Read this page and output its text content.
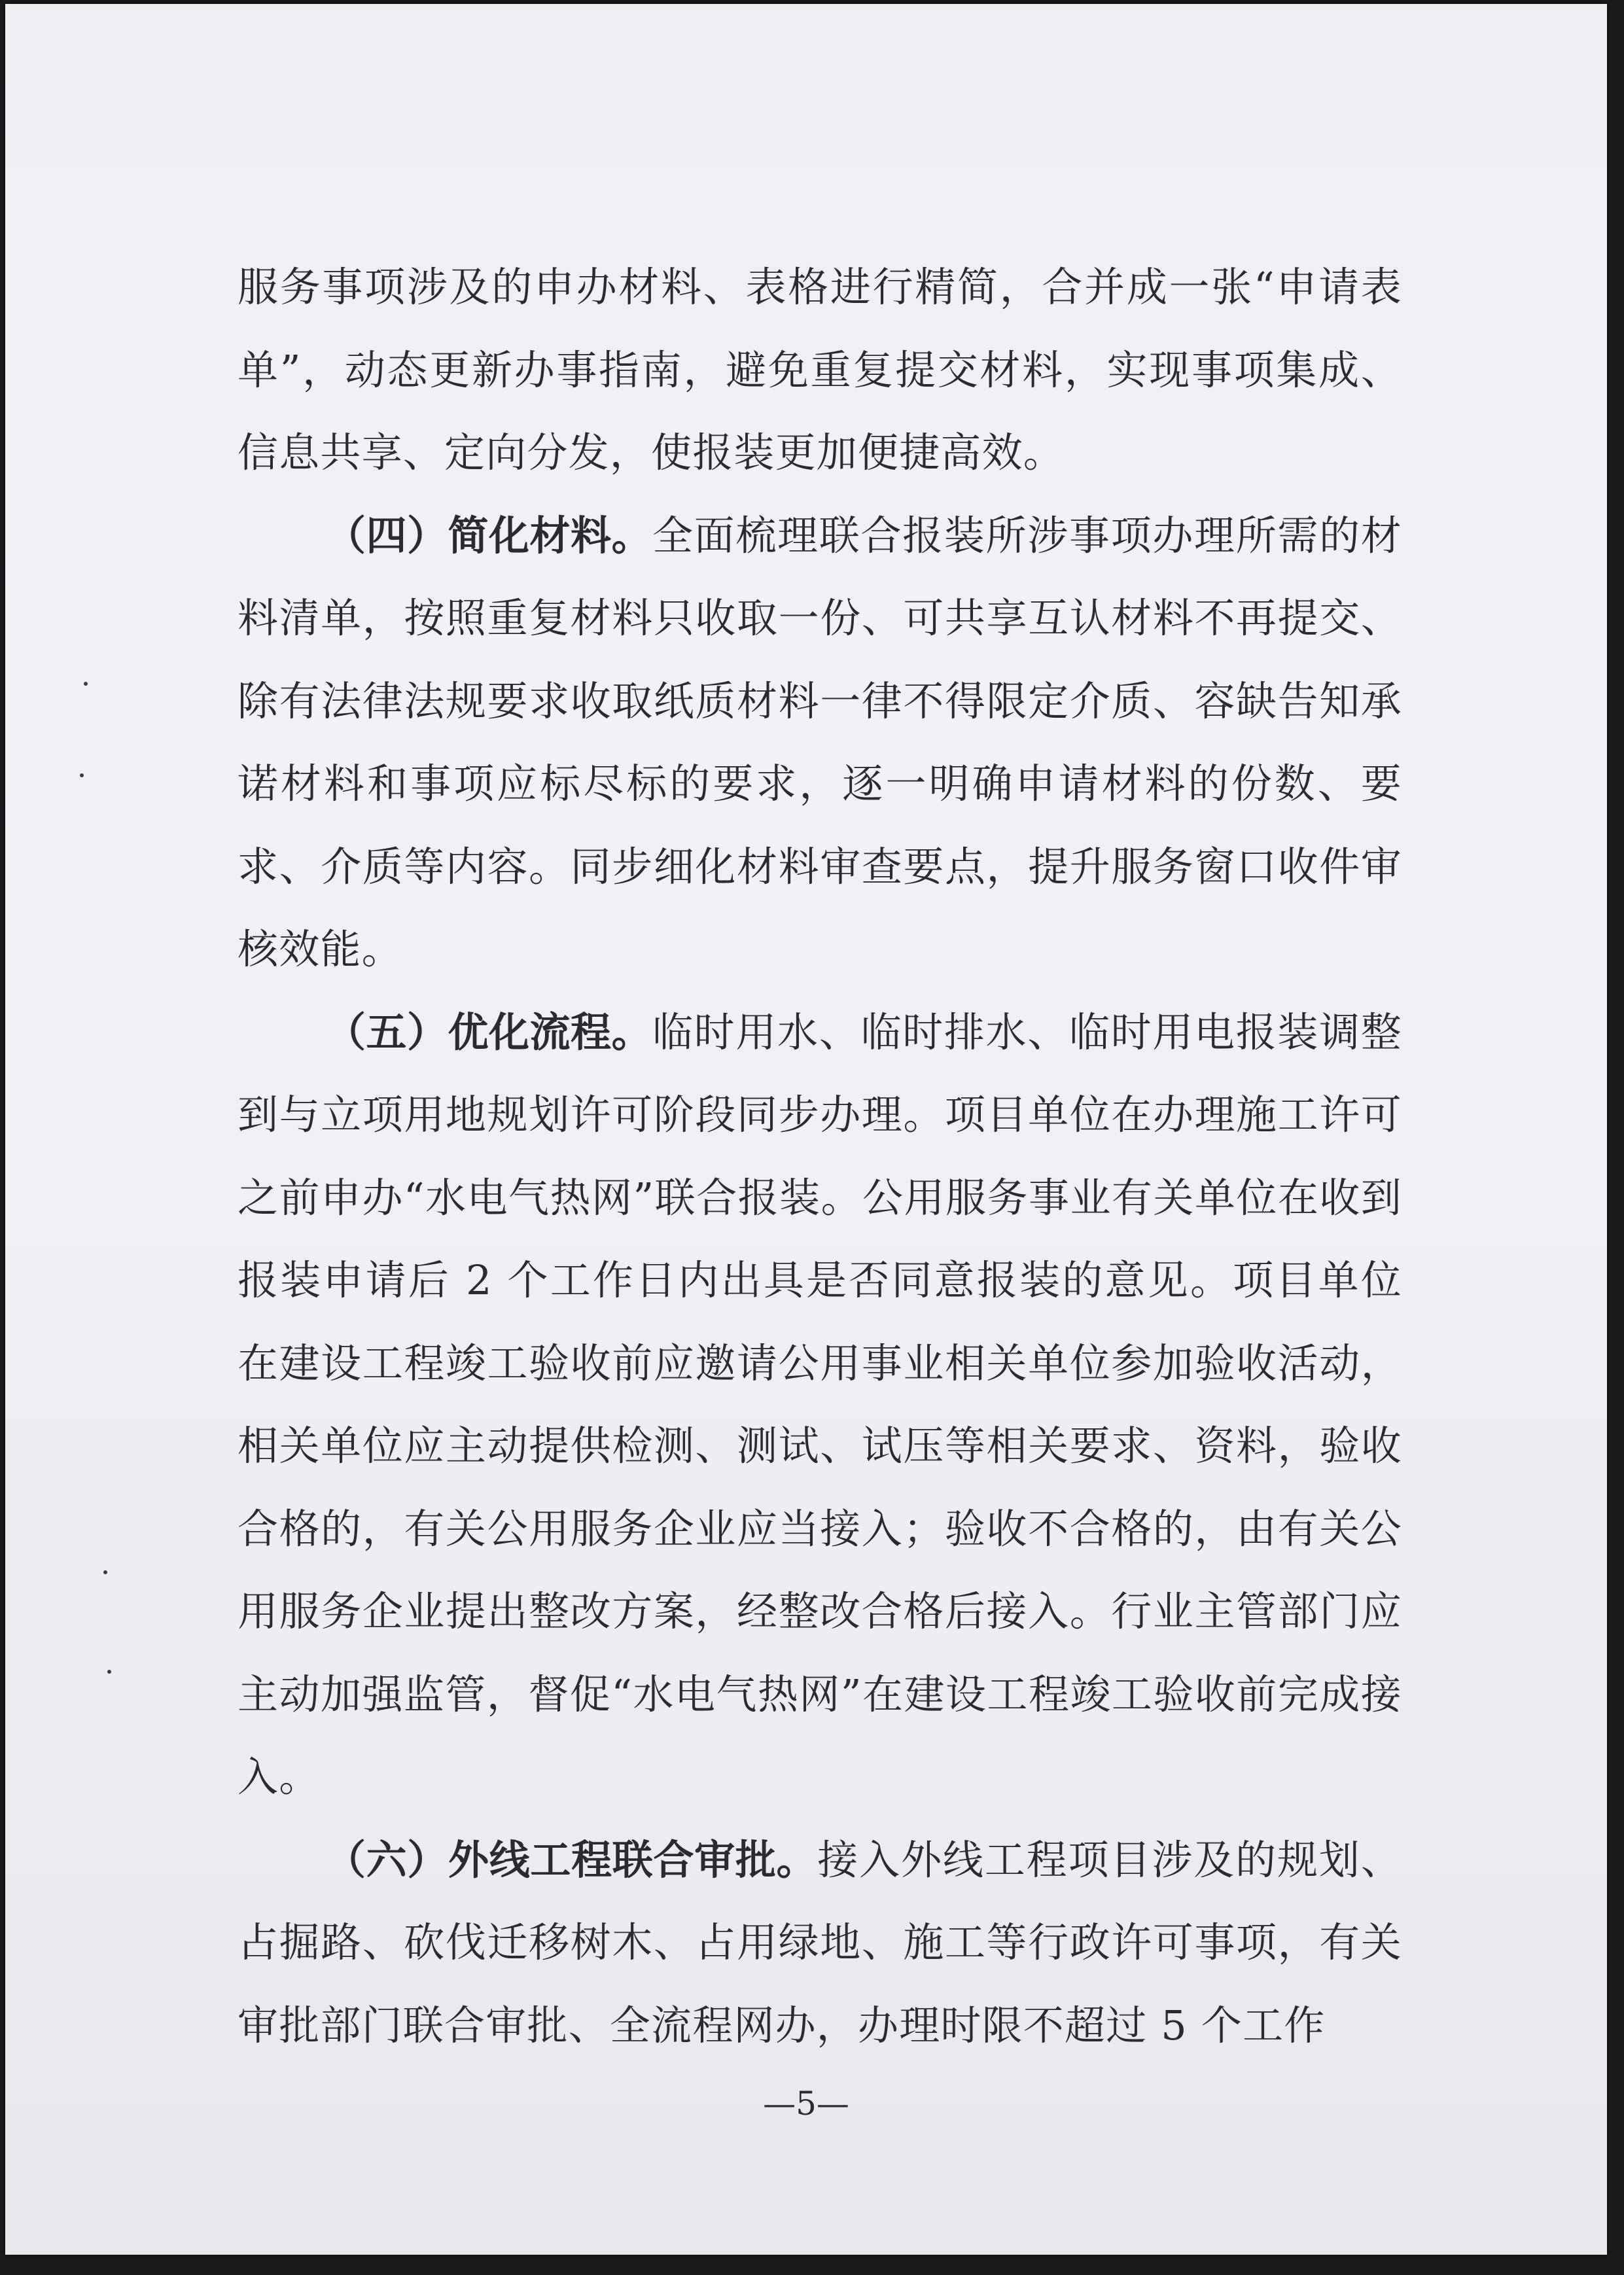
服务事项涉及的申办材料、表格进行精简，合并成一张“申请表单”，动态更新办事指南，避免重复提交材料，实现事项集成、信息共享、定向分发，使报装更加便捷高效。

（四）简化材料。全面梳理联合报装所涉事项办理所需的材料清单，按照重复材料只收取一份、可共享互认材料不再提交、除有法律法规要求收取纸质材料一律不得限定介质、容缺告知承诺材料和事项应标尽标的要求，逐一明确申请材料的份数、要求、介质等内容。同步细化材料审查要点，提升服务窗口收件审核效能。

（五）优化流程。临时用水、临时排水、临时用电报装调整到与立项用地规划许可阶段同步办理。项目单位在办理施工许可之前申办“水电气热网”联合报装。公用服务事业有关单位在收到报装申请后 2 个工作日内出具是否同意报装的意见。项目单位在建设工程竣工验收前应邀请公用事业相关单位参加验收活动，相关单位应主动提供检测、测试、试压等相关要求、资料，验收合格的，有关公用服务企业应当接入；验收不合格的，由有关公用服务企业提出整改方案，经整改合格后接入。行业主管部门应主动加强监管，督促“水电气热网”在建设工程竣工验收前完成接入。

（六）外线工程联合审批。接入外线工程项目涉及的规划、占掘路、砍伐迁移树木、占用绿地、施工等行政许可事项，有关审批部门联合审批、全流程网办，办理时限不超过 5 个工作

—5—
